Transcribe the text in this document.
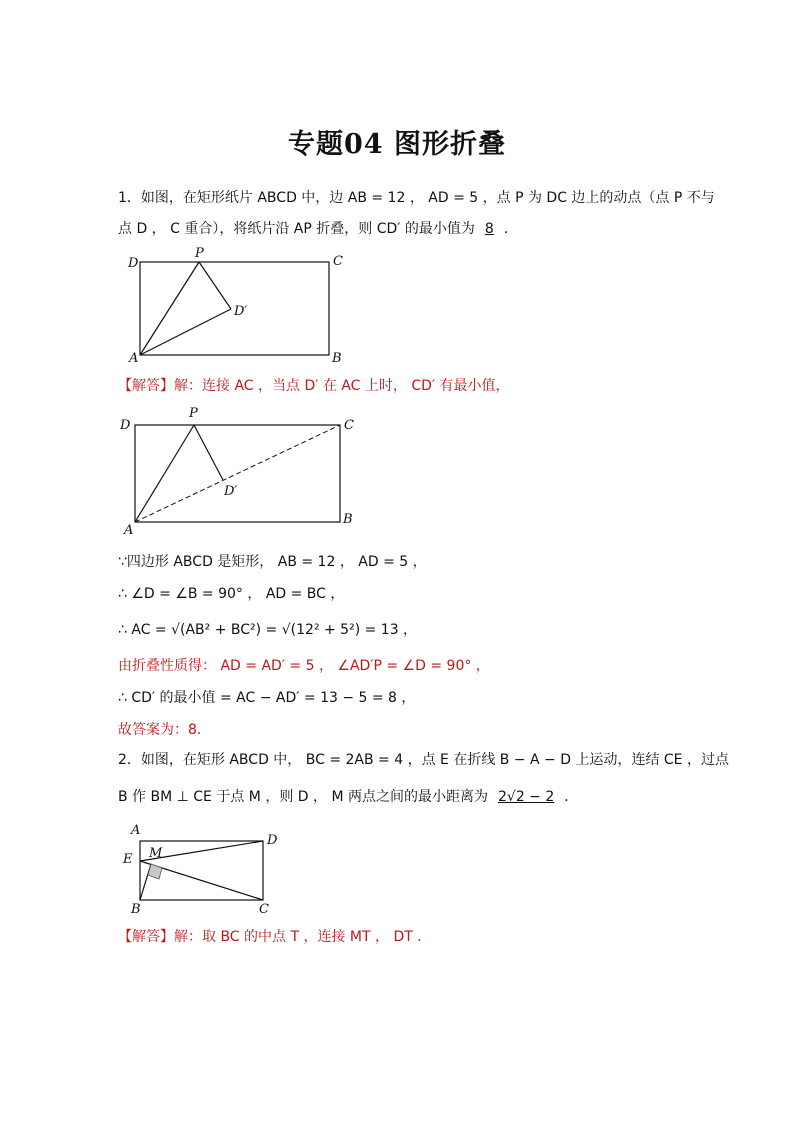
专题04 图形折叠
1．如图，在矩形纸片 ABCD 中，边 AB = 12 ， AD = 5 ，点 P 为 DC 边上的动点（点 P 不与
点 D ， C 重合），将纸片沿 AP 折叠，则 CD′ 的最小值为 8 ．
D
P
C
D′
A	B
【解答】解：连接 AC ，当点 D′ 在 AC 上时， CD′ 有最小值，
D
P
C
D′
A
B
∵四边形 ABCD 是矩形， AB = 12 ， AD = 5 ，
∴ ∠D = ∠B = 90° ， AD = BC ，
∴ AC = √(AB² + BC²) = √(12² + 5²) = 13 ，
由折叠性质得： AD = AD′ = 5 ， ∠AD′P = ∠D = 90° ，
∴ CD′ 的最小值 = AC − AD′ = 13 − 5 = 8 ，
故答案为：8．
2．如图，在矩形 ABCD 中， BC = 2AB = 4 ，点 E 在折线 B − A − D 上运动，连结 CE ，过点
B 作 BM ⊥ CE 于点 M ，则 D ， M 两点之间的最小距离为 2√2 − 2 ．
A
E M
D
B	C
【解答】解：取 BC 的中点 T ，连接 MT ， DT ．
